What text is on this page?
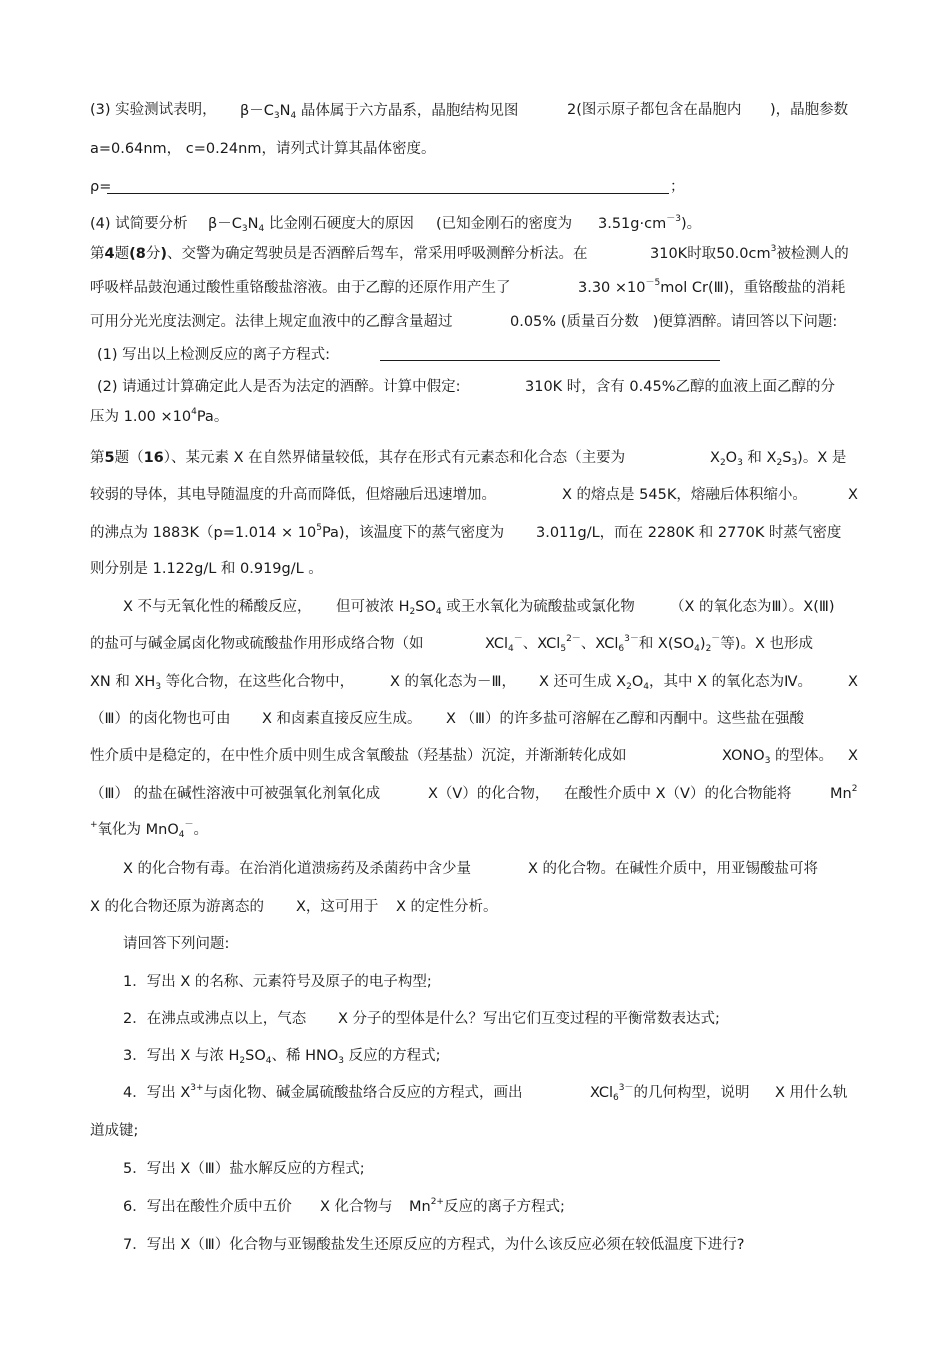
(3) 实验测试表明， $\beta-C_3N_4$ 晶体属于六方晶系，晶胞结构见图	2(图示原子都包含在晶胞内 )，晶胞参数
a=0.64nm， c=0.24nm，请列式计算其晶体密度。
ρ=	；
(4) 试简要分析 $\beta-C_3N_4$ 比金刚石硬度大的原因 (已知金刚石的密度为 $3.51g\cdot cm^{-3}$)。
第4题(8分)、交警为确定驾驶员是否酒醉后驾车，常采用呼吸测醉分析法。在	310K时取$50.0cm^3$被检测人的
呼吸样品鼓泡通过酸性重铬酸盐溶液。由于乙醇的还原作用产生了	$3.30 \times 10^{-5}mol$ Cr(Ⅲ)，重铬酸盐的消耗
可用分光光度法测定。法律上规定血液中的乙醇含量超过	0.05% (质量百分数 )便算酒醉。请回答以下问题:
(1) 写出以上检测反应的离子方程式:
(2) 请通过计算确定此人是否为法定的酒醉。计算中假定:	310K 时，含有 0.45%乙醇的血液上面乙醇的分
压为 $1.00 \times 10^4Pa$。
第5题（16）、某元素 X 在自然界储量较低，其存在形式有元素态和化合态（主要为	$X_2O_3$ 和 $X_2S_3$)。X 是
较弱的导体，其电导随温度的升高而降低，但熔融后迅速增加。	X 的熔点是 545K，熔融后体积缩小。	X
的沸点为 $1883K(p=1.014 \times 10^5Pa)$，该温度下的蒸气密度为 3.011g/L，而在 2280K 和 2770K 时蒸气密度
则分别是 1.122g/L 和 0.919g/L 。
X 不与无氧化性的稀酸反应， 但可被浓 $H_2SO_4$ 或王水氧化为硫酸盐或氯化物 （X 的氧化态为Ⅲ）。X(Ⅲ)
的盐可与碱金属卤化物或硫酸盐作用形成络合物（如	XCl$_4$－、XCl$_5^{2-}$、XCl$_6^{3-}$和 $X(SO_4)_2^-$等)。X 也形成
XN 和 $XH_3$ 等化合物，在这些化合物中， X 的氧化态为－Ⅲ， X 还可生成 $X_2O_4$，其中 X 的氧化态为Ⅳ。 X
（Ⅲ）的卤化物也可由 X 和卤素直接反应生成。 X （Ⅲ）的许多盐可溶解在乙醇和丙酮中。这些盐在强酸
性介质中是稳定的，在中性介质中则生成含氧酸盐（羟基盐）沉淀，并渐渐转化成如	$XONO_3$ 的型体。 X
（Ⅲ） 的盐在碱性溶液中可被强氧化剂氧化成	X（Ⅴ）的化合物， 在酸性介质中 X（Ⅴ）的化合物能将	Mn$^2$
+氧化为 MnO$_4$－。
X 的化合物有毒。在治消化道溃疡药及杀菌药中含少量	X 的化合物。在碱性介质中，用亚锡酸盐可将
X 的化合物还原为游离态的 X，这可用于 X 的定性分析。
请回答下列问题:
1．写出 X 的名称、元素符号及原子的电子构型;
2．在沸点或沸点以上，气态 X 分子的型体是什么？写出它们互变过程的平衡常数表达式;
3．写出 X 与浓 $H_2SO_4$、稀 $HNO_3$ 反应的方程式;
4．写出 $X^{3+}$与卤化物、碱金属硫酸盐络合反应的方程式，画出	XCl$_6^{3-}$的几何构型，说明 X 用什么轨
道成键;
5．写出 X（Ⅲ）盐水解反应的方程式;
6．写出在酸性介质中五价 X 化合物与 $Mn^{2+}$反应的离子方程式;
7．写出 X（Ⅲ）化合物与亚锡酸盐发生还原反应的方程式，为什么该反应必须在较低温度下进行?
